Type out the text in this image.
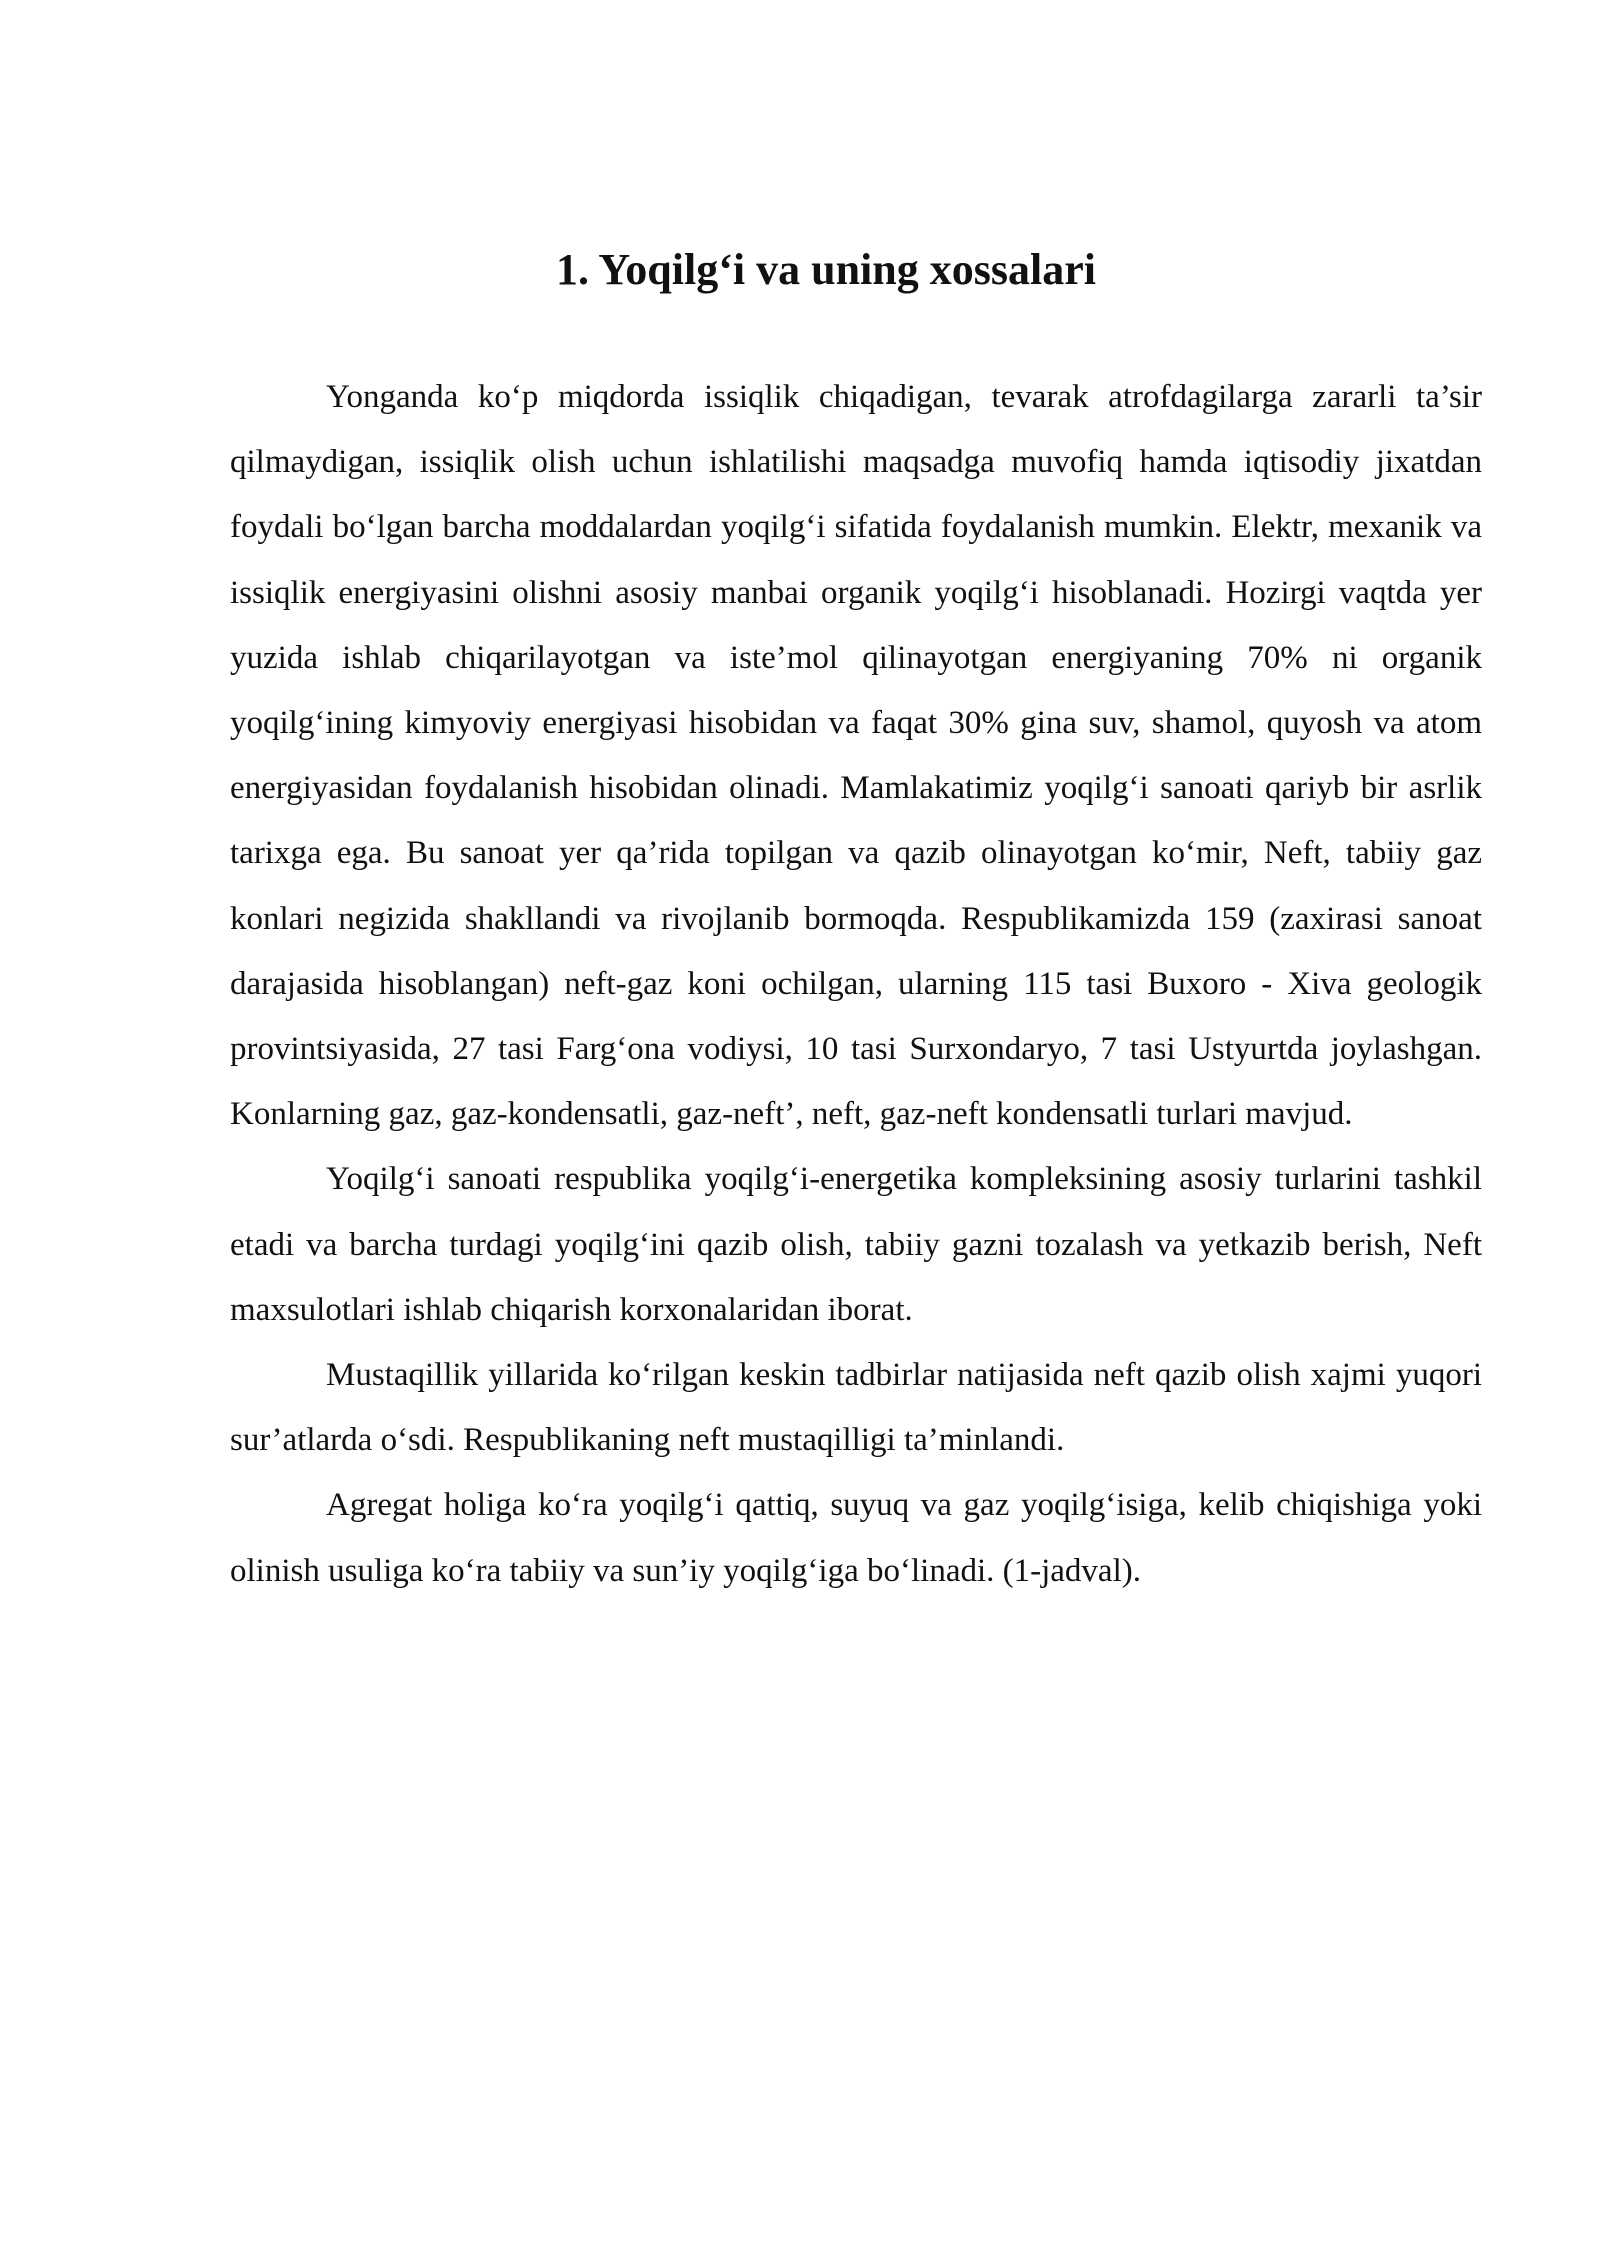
1. Yoqilg‘i va uning xossalari

Yonganda ko‘p miqdorda issiqlik chiqadigan, tevarak atrofdagilarga zararli ta’sir qilmaydigan, issiqlik olish uchun ishlatilishi maqsadga muvofiq hamda iqtisodiy jixatdan foydali bo‘lgan barcha moddalardan yoqilg‘i sifatida foydalanish mumkin. Elektr, mexanik va issiqlik energiyasini olishni asosiy manbai organik yoqilg‘i hisoblanadi. Hozirgi vaqtda yer yuzida ishlab chiqarilayotgan va iste’mol qilinayotgan energiyaning 70% ni organik yoqilg‘ining kimyoviy energiyasi hisobidan va faqat 30% gina suv, shamol, quyosh va atom energiyasidan foydalanish hisobidan olinadi. Mamlakatimiz yoqilg‘i sanoati qariyb bir asrlik tarixga ega. Bu sanoat yer qa’rida topilgan va qazib olinayotgan ko‘mir, Neft, tabiiy gaz konlari negizida shakllandi va rivojlanib bormoqda. Respublikamizda 159 (zaxirasi sanoat darajasida hisoblangan) neft-gaz koni ochilgan, ularning 115 tasi Buxoro - Xiva geologik provintsiyasida, 27 tasi Farg‘ona vodiysi, 10 tasi Surxondaryo, 7 tasi Ustyurtda joylashgan. Konlarning gaz, gaz-kondensatli, gaz-neft’, neft, gaz-neft kondensatli turlari mavjud.

Yoqilg‘i sanoati respublika yoqilg‘i-energetika kompleksining asosiy turlarini tashkil etadi va barcha turdagi yoqilg‘ini qazib olish, tabiiy gazni tozalash va yetkazib berish, Neft maxsulotlari ishlab chiqarish korxonalaridan iborat.

Mustaqillik yillarida ko‘rilgan keskin tadbirlar natijasida neft qazib olish xajmi yuqori sur’atlarda o‘sdi. Respublikaning neft mustaqilligi ta’minlandi.

Agregat holiga ko‘ra yoqilg‘i qattiq, suyuq va gaz yoqilg‘isiga, kelib chiqishiga yoki olinish usuliga ko‘ra tabiiy va sun’iy yoqilg‘iga bo‘linadi. (1-jadval).
